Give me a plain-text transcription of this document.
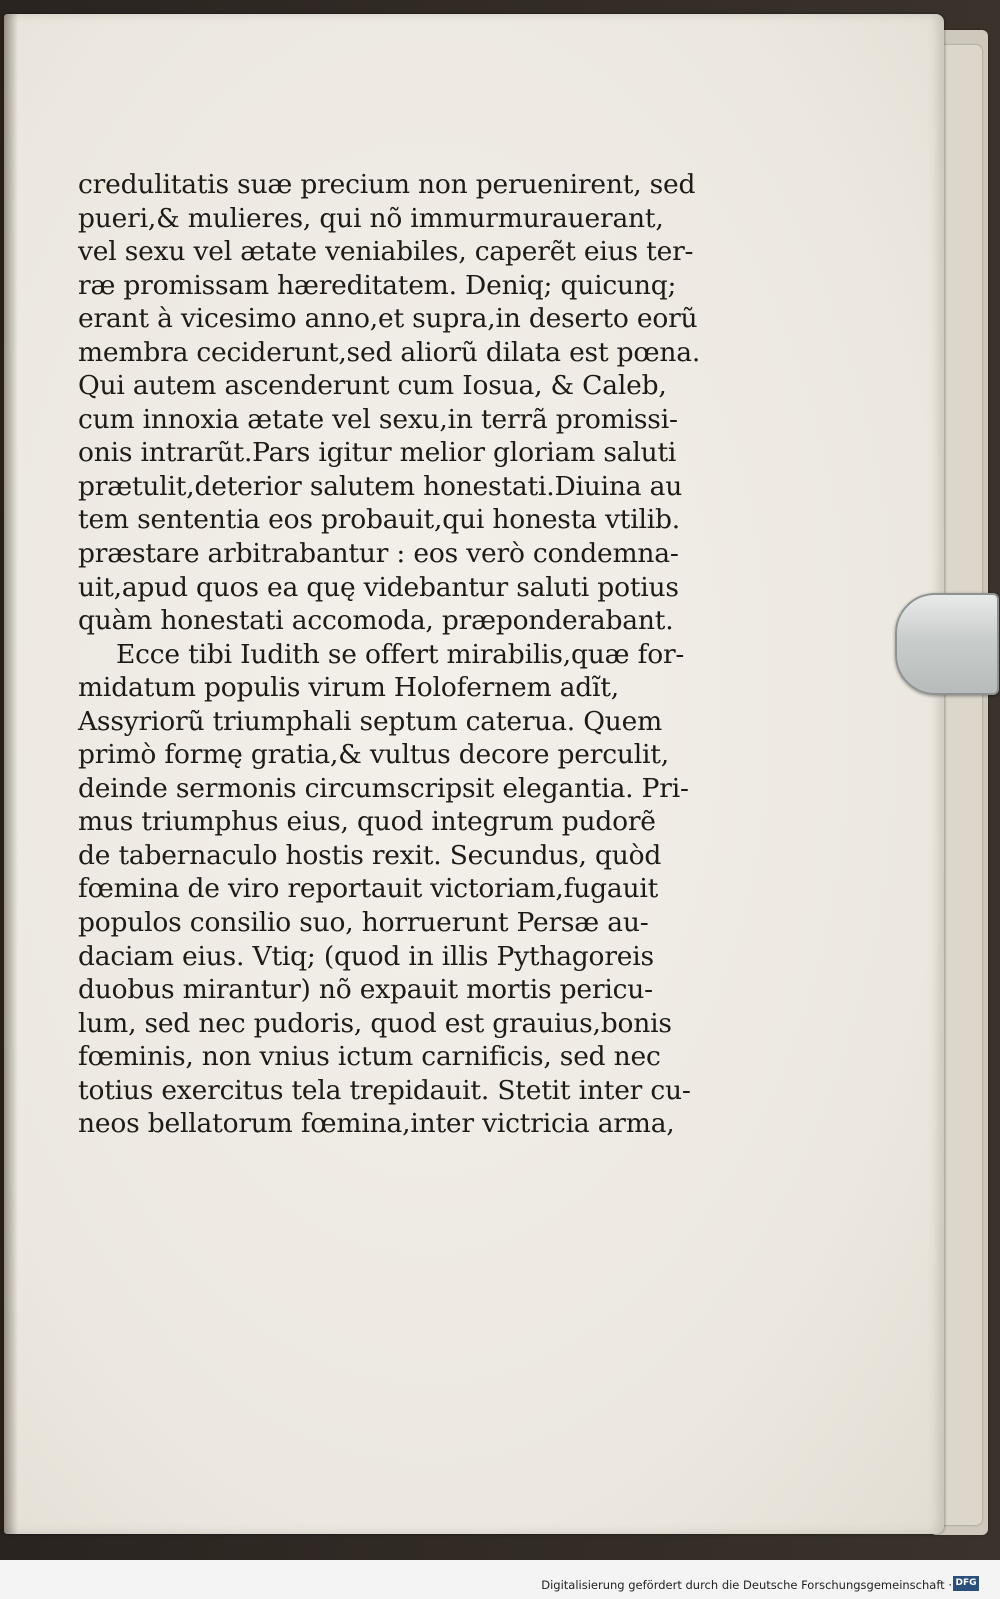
credulitatis suæ precium non peruenirent, sed
pueri,& mulieres, qui nõ immurmurauerant,
vel sexu vel ætate veniabiles, caperẽt eius ter-
ræ promissam hæreditatem. Deniq; quicunq;
erant à vicesimo anno,et supra,in deserto eorũ
membra ceciderunt,sed aliorũ dilata est pœna.
Qui autem ascenderunt cum Iosua, & Caleb,
cum innoxia ætate vel sexu,in terrã promissi-
onis intrarũt.Pars igitur melior gloriam saluti
prætulit,deterior salutem honestati.Diuina au
tem sententia eos probauit,qui honesta vtilib.
præstare arbitrabantur : eos verò condemna-
uit,apud quos ea quę videbantur saluti potius
quàm honestati accomoda, præponderabant.
Ecce tibi Iudith se offert mirabilis,quæ for-
midatum populis virum Holofernem adĩt,
Assyriorũ triumphali septum caterua. Quem
primò formę gratia,& vultus decore perculit,
deinde sermonis circumscripsit elegantia. Pri-
mus triumphus eius, quod integrum pudorẽ
de tabernaculo hostis rexit. Secundus, quòd
fœmina de viro reportauit victoriam,fugauit
populos consilio suo, horruerunt Persæ au-
daciam eius. Vtiq; (quod in illis Pythagoreis
duobus mirantur) nõ expauit mortis pericu-
lum, sed nec pudoris, quod est grauius,bonis
fœminis, non vnius ictum carnificis, sed nec
totius exercitus tela trepidauit. Stetit inter cu-
neos bellatorum fœmina,inter victricia arma,
Digitalisierung gefördert durch die Deutsche Forschungsgemeinschaft · DFG
